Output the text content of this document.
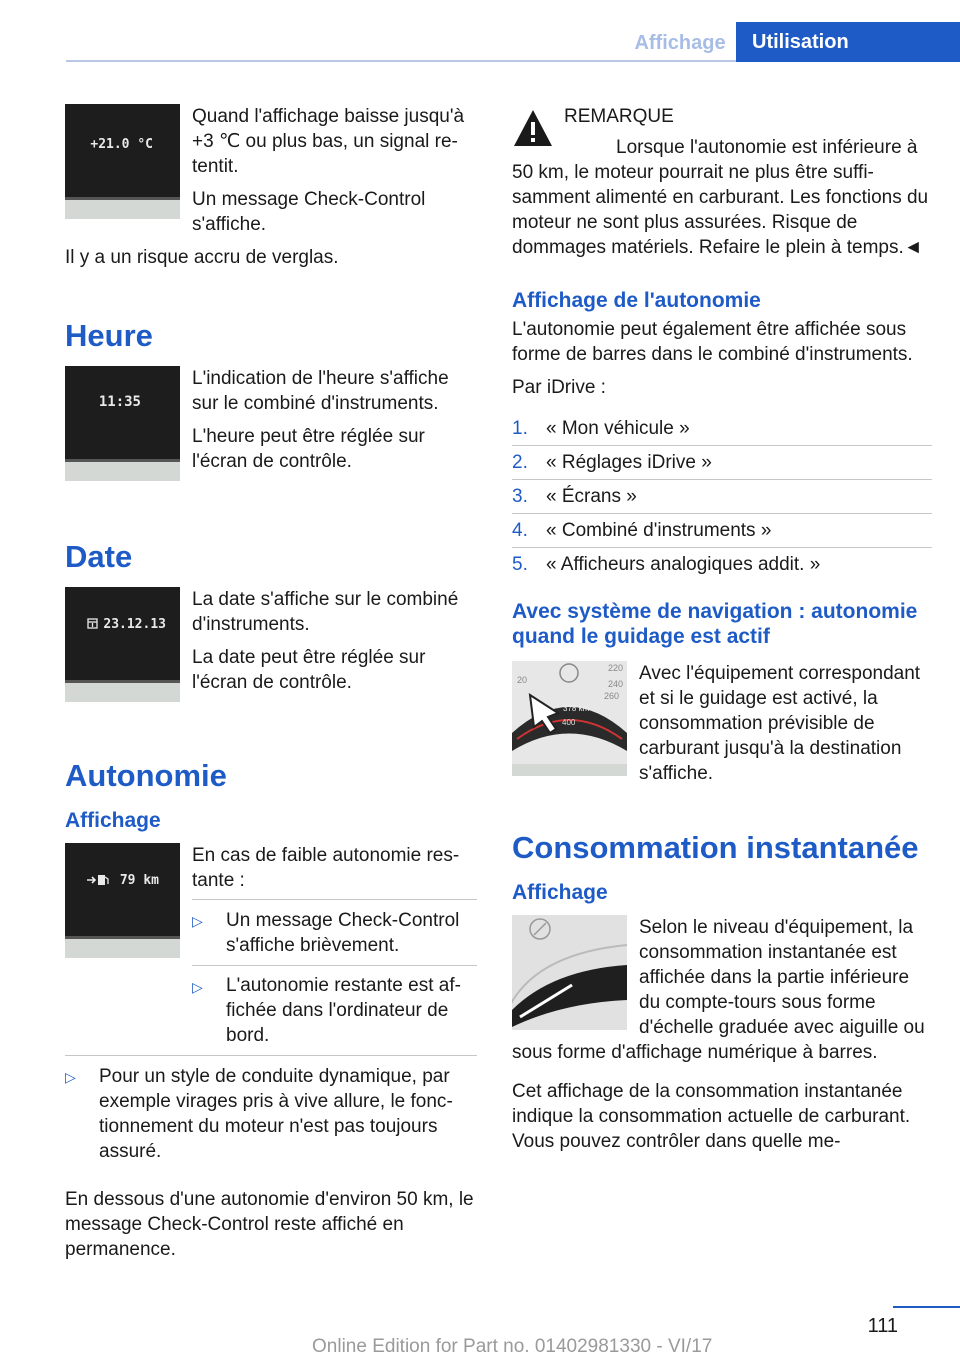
Affichage	Utilisation
+21.0 °C

Quand l'affichage baisse jusqu'à +3 ℃ ou plus bas, un signal retentit.

Un message Check-Control s'affiche.

Il y a un risque accru de verglas.

Heure
11:35

L'indication de l'heure s'affiche sur le combiné d'instruments.

L'heure peut être réglée sur l'écran de contrôle.

Date
23.12.13

La date s'affiche sur le combiné d'instruments.

La date peut être réglée sur l'écran de contrôle.

Autonomie
Affichage
79 km

En cas de faible autonomie restante :

▷ Un message Check-Control s'affiche brièvement.
▷ L'autonomie restante est affichée dans l'ordinateur de bord.
▷ Pour un style de conduite dynamique, par exemple virages pris à vive allure, le fonctionnement du moteur n'est pas toujours assuré.

En dessous d'une autonomie d'environ 50 km, le message Check-Control reste affiché en permanence.

REMARQUE

Lorsque l'autonomie est inférieure à 50 km, le moteur pourrait ne plus être suffisamment alimenté en carburant. Les fonctions du moteur ne sont plus assurées. Risque de dommages matériels. Refaire le plein à temps.◄

Affichage de l'autonomie

L'autonomie peut également être affichée sous forme de barres dans le combiné d'instruments.

Par iDrive :

1. « Mon véhicule »
2. « Réglages iDrive »
3. « Écrans »
4. « Combiné d'instruments »
5. « Afficheurs analogiques addit. »
Avec système de navigation : autonomie quand le guidage est actif
20
220
240
260
400
378 km

Avec l'équipement correspondant et si le guidage est activé, la consommation prévisible de carburant jusqu'à la destination s'affiche.

Consommation instantanée
Affichage

Selon le niveau d'équipement, la consommation instantanée est affichée dans la partie inférieure du compte-tours sous forme d'échelle graduée avec aiguille ou sous forme d'affichage numérique à barres.

Cet affichage de la consommation instantanée indique la consommation actuelle de carburant. Vous pouvez contrôler dans quelle me-

111
Online Edition for Part no. 01402981330 - VI/17
